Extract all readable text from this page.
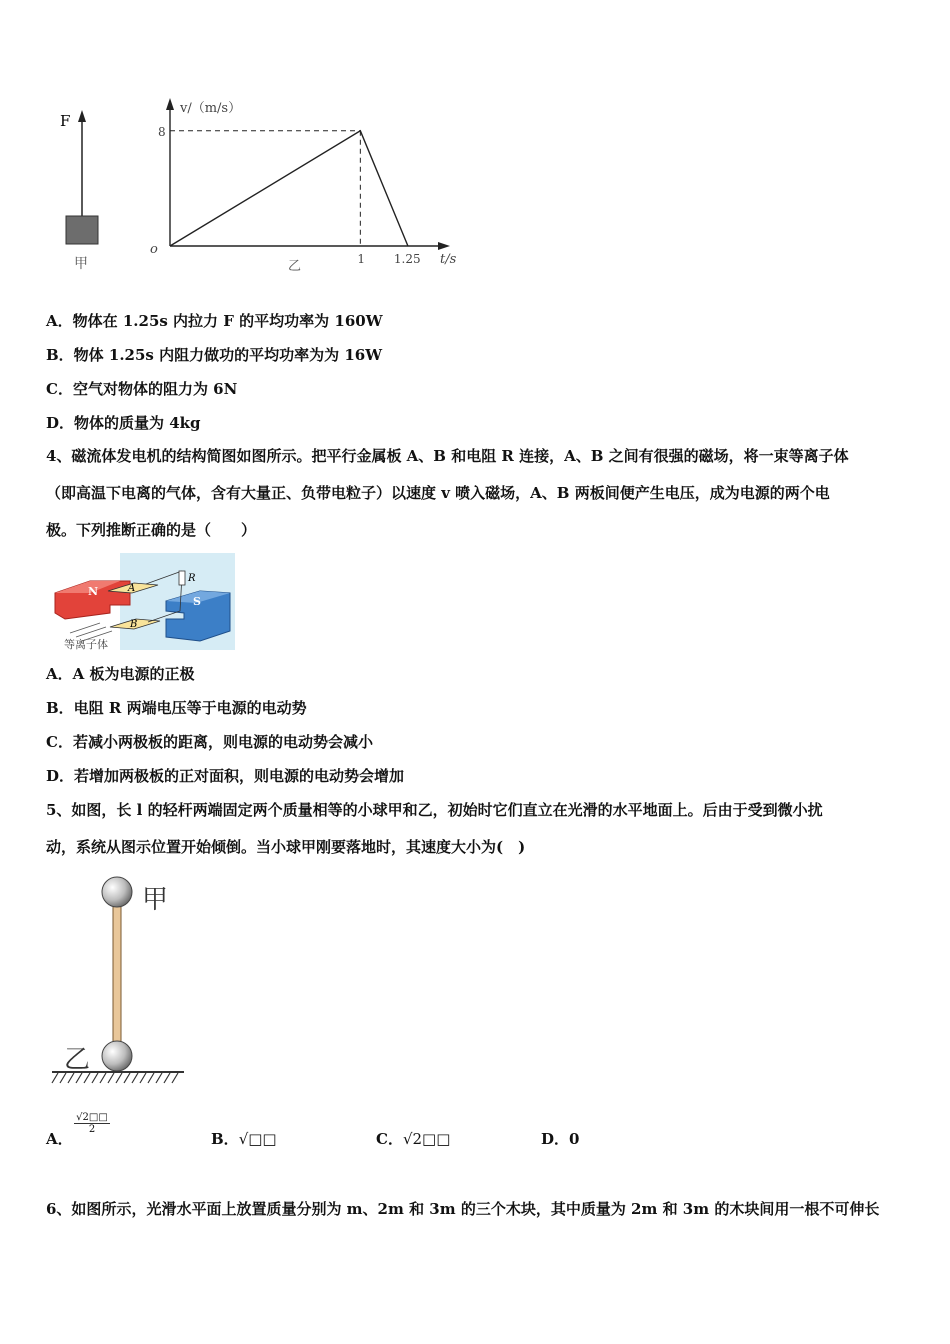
F
甲
v/（m/s）
t/s
o
乙
8
1 1.25
A．物体在 1.25s 内拉力 F 的平均功率为 160W
B．物体 1.25s 内阻力做功的平均功率为为 16W
C．空气对物体的阻力为 6N
D．物体的质量为 4kg
4、磁流体发电机的结构简图如图所示。把平行金属板 A、B 和电阻 R 连接，A、B 之间有很强的磁场，将一束等离子体
（即高温下电离的气体，含有大量正、负带电粒子）以速度 v 喷入磁场，A、B 两板间便产生电压，成为电源的两个电
极。下列推断正确的是（　　）
N
S
A
B
R
等离子体
A．A 板为电源的正极
B．电阻 R 两端电压等于电源的电动势
C．若减小两极板的距离，则电源的电动势会减小
D．若增加两极板的正对面积，则电源的电动势会增加
5、如图，长 l 的轻杆两端固定两个质量相等的小球甲和乙，初始时它们直立在光滑的水平地面上。后由于受到微小扰
动，系统从图示位置开始倾倒。当小球甲刚要落地时，其速度大小为(　)
甲
乙
A．
$\frac{√2□□}{2}$
B．√□□	C．√2□□	D．0
6、如图所示，光滑水平面上放置质量分别为 m、2m 和 3m 的三个木块，其中质量为 2m 和 3m 的木块间用一根不可伸长
